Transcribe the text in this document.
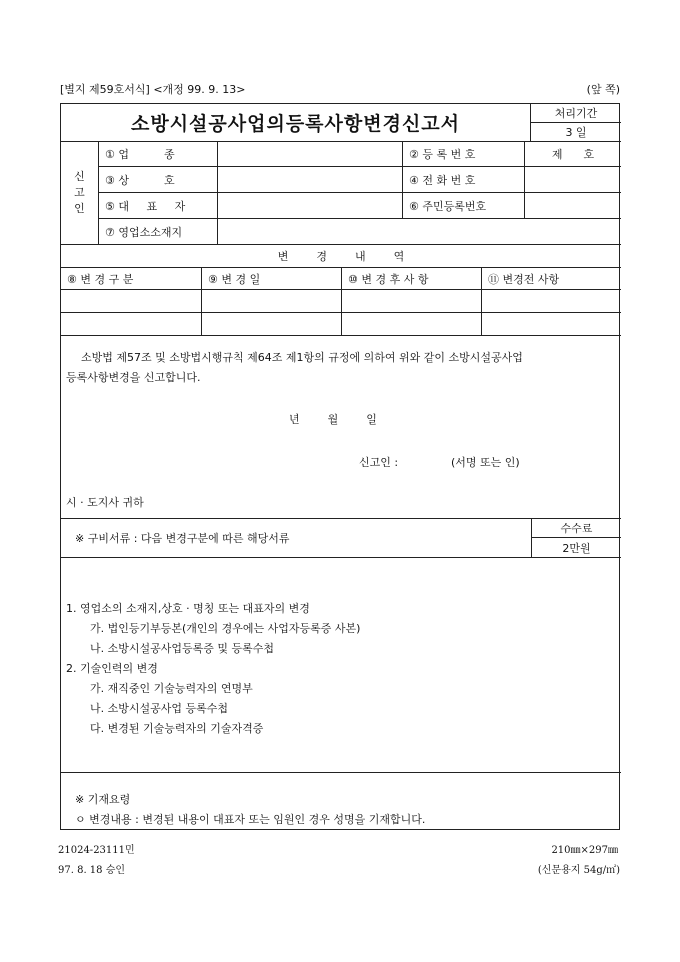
[별지 제59호서식] <개정 99. 9. 13>	(앞 쪽)
소방시설공사업의등록사항변경신고서	처리기간
3 일
신
고
인
① 업          종	② 등 록 번 호	제      호
③ 상          호	④ 전 화 번 호
⑤ 대     표     자	⑥ 주민등록번호
⑦ 영업소소재지
변        경        내        역
⑧ 변 경 구 분	⑨ 변 경 일	⑩ 변 경 후 사 항	⑪ 변경전 사항
소방법 제57조 및 소방법시행규칙 제64조 제1항의 규정에 의하여 위와 같이 소방시설공사업
등록사항변경을 신고합니다.
년        월        일
신고인 :	(서명 또는 인)
시 · 도지사 귀하
※ 구비서류 : 다음 변경구분에 따른 해당서류
수수료
2만원
1. 영업소의 소재지,상호 · 명칭 또는 대표자의 변경
가. 법인등기부등본(개인의 경우에는 사업자등록증 사본)
나. 소방시설공사업등록증 및 등록수첩
2. 기술인력의 변경
가. 재직중인 기술능력자의 연명부
나. 소방시설공사업 등록수첩
다. 변경된 기술능력자의 기술자격증
※ 기재요령
ㅇ 변경내용 : 변경된 내용이 대표자 또는 임원인 경우 성명을 기재합니다.
21024-23111민
97. 8. 18 승인
210㎜×297㎜
(신문용지 54g/㎡)
